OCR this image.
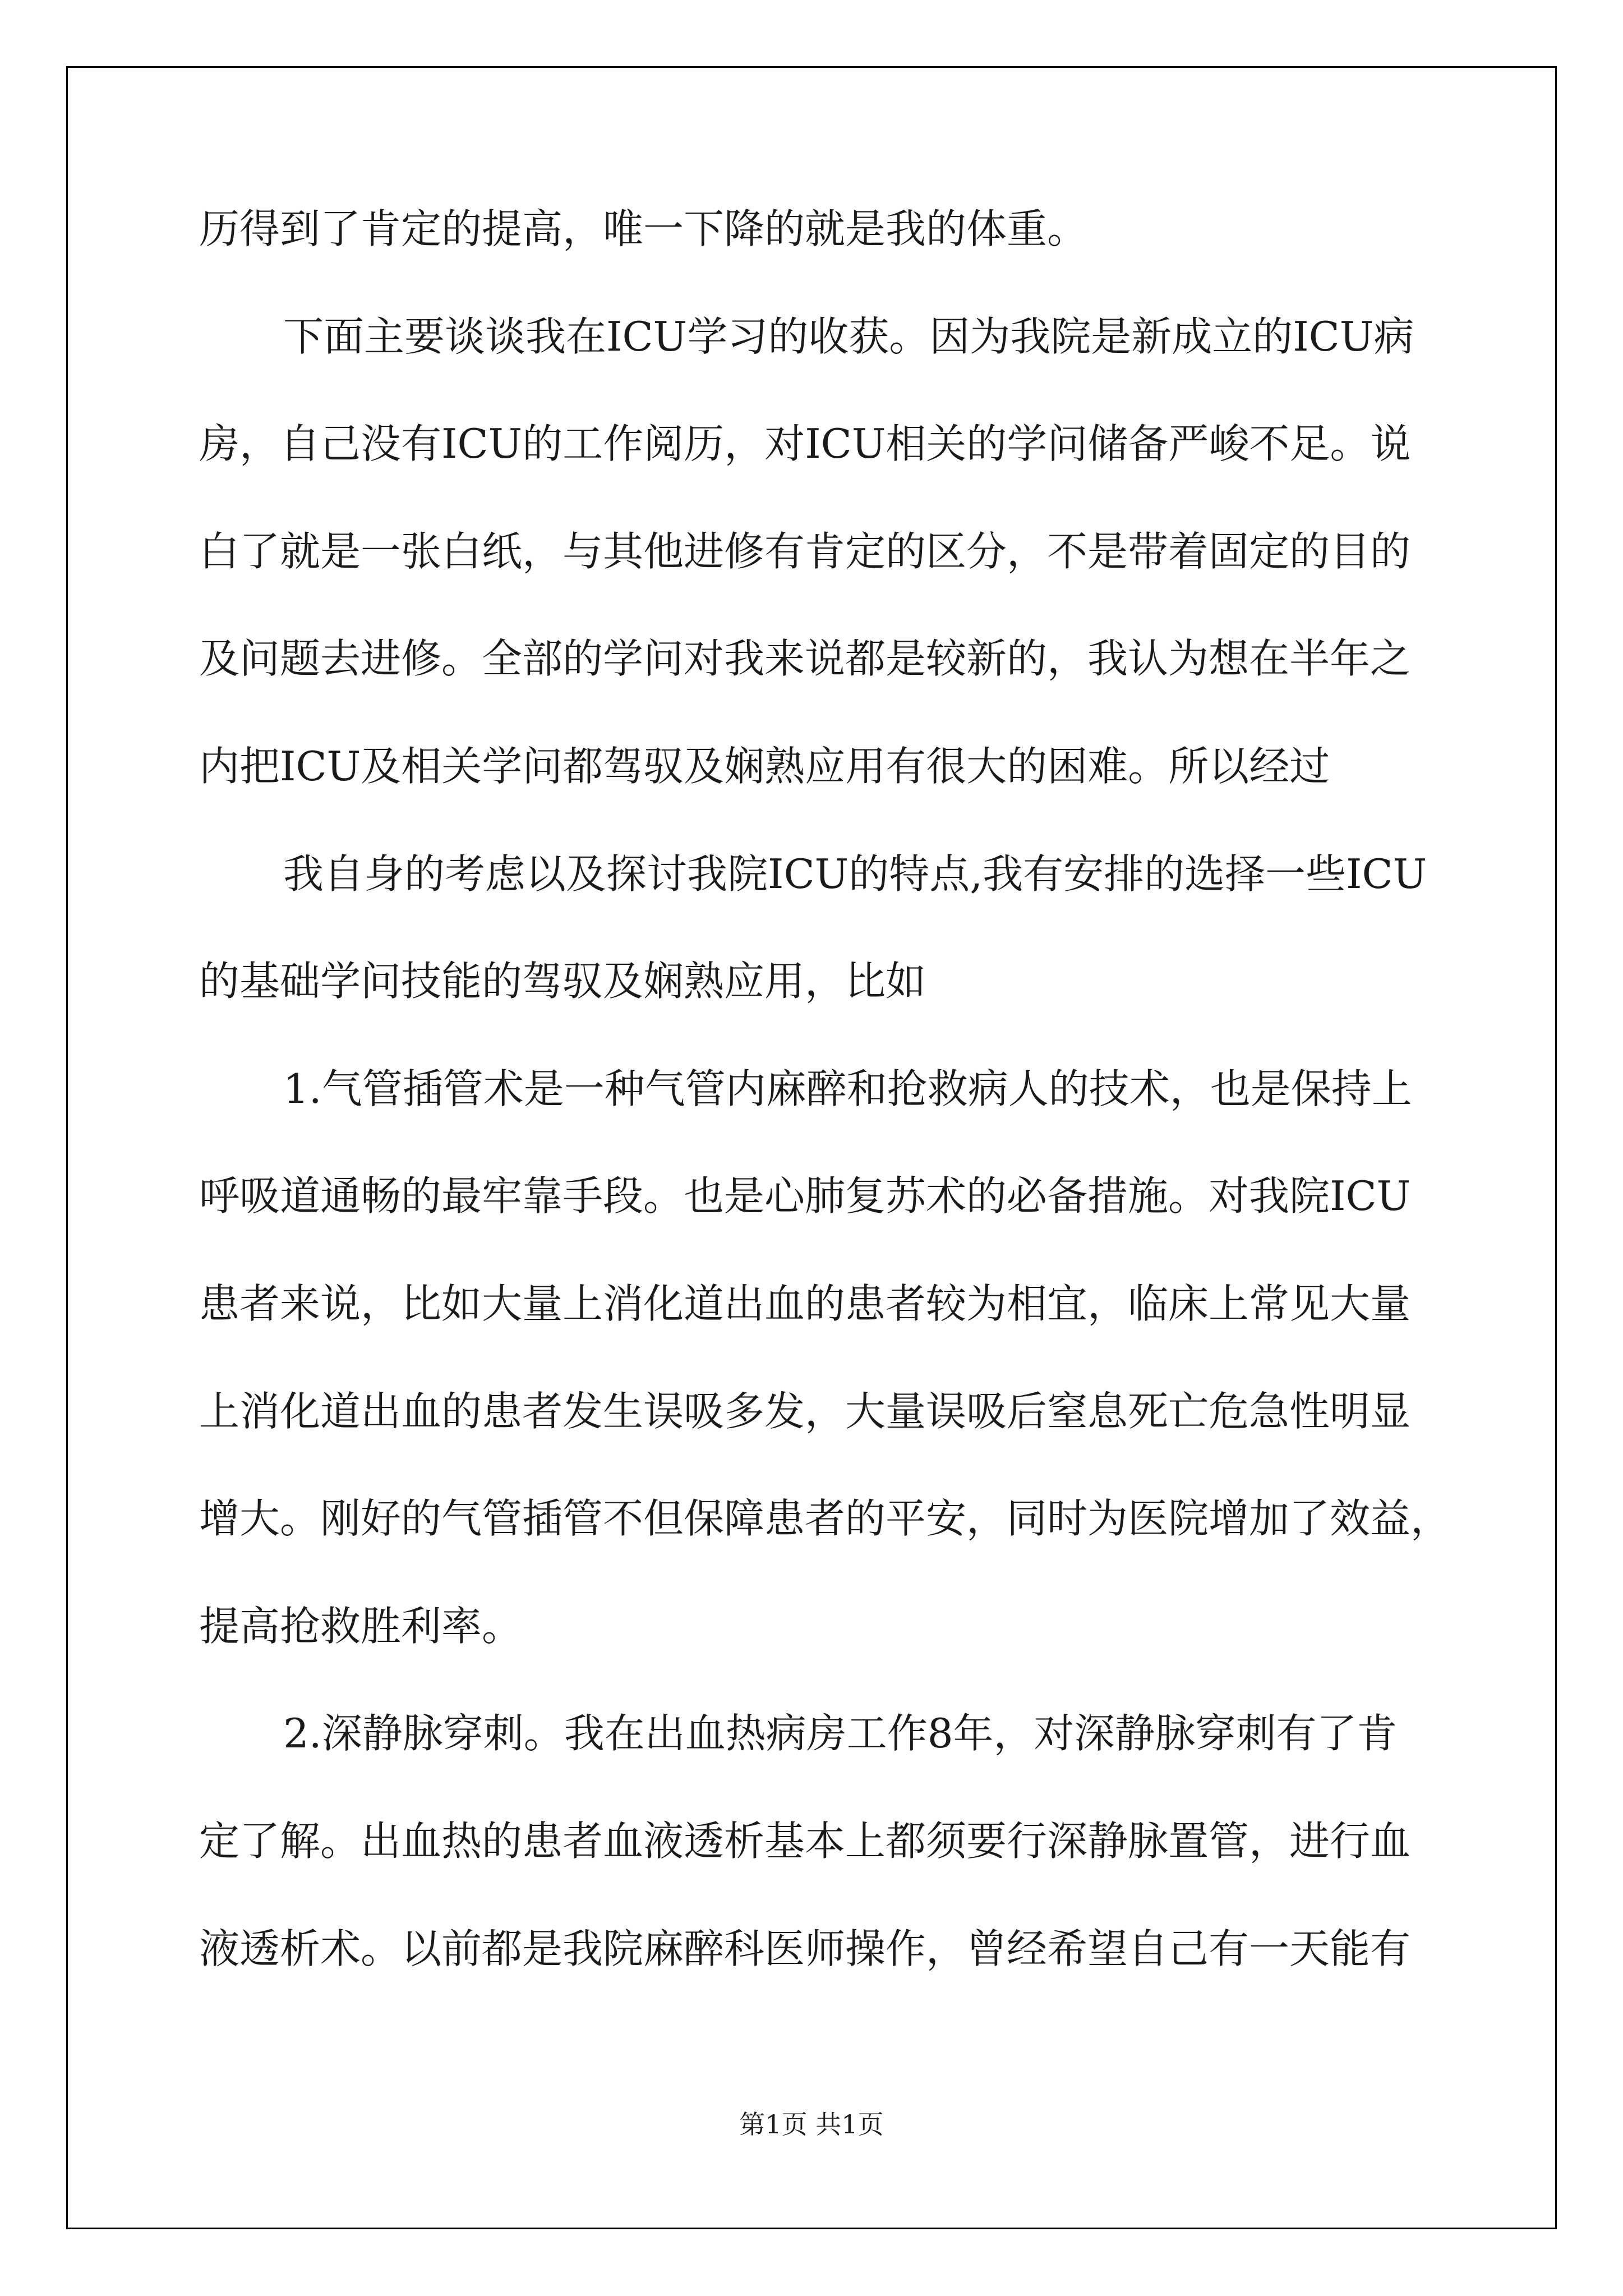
历得到了肯定的提高，唯一下降的就是我的体重。
下面主要谈谈我在ICU学习的收获。因为我院是新成立的ICU病
房，自己没有ICU的工作阅历，对ICU相关的学问储备严峻不足。说
白了就是一张白纸，与其他进修有肯定的区分，不是带着固定的目的
及问题去进修。全部的学问对我来说都是较新的，我认为想在半年之
内把ICU及相关学问都驾驭及娴熟应用有很大的困难。所以经过
我自身的考虑以及探讨我院ICU的特点,我有安排的选择一些ICU
的基础学问技能的驾驭及娴熟应用，比如
1.气管插管术是一种气管内麻醉和抢救病人的技术，也是保持上
呼吸道通畅的最牢靠手段。也是心肺复苏术的必备措施。对我院ICU
患者来说，比如大量上消化道出血的患者较为相宜，临床上常见大量
上消化道出血的患者发生误吸多发，大量误吸后窒息死亡危急性明显
增大。刚好的气管插管不但保障患者的平安，同时为医院增加了效益，
提高抢救胜利率。
2.深静脉穿刺。我在出血热病房工作8年，对深静脉穿刺有了肯
定了解。出血热的患者血液透析基本上都须要行深静脉置管，进行血
液透析术。以前都是我院麻醉科医师操作，曾经希望自己有一天能有
第1页 共1页
